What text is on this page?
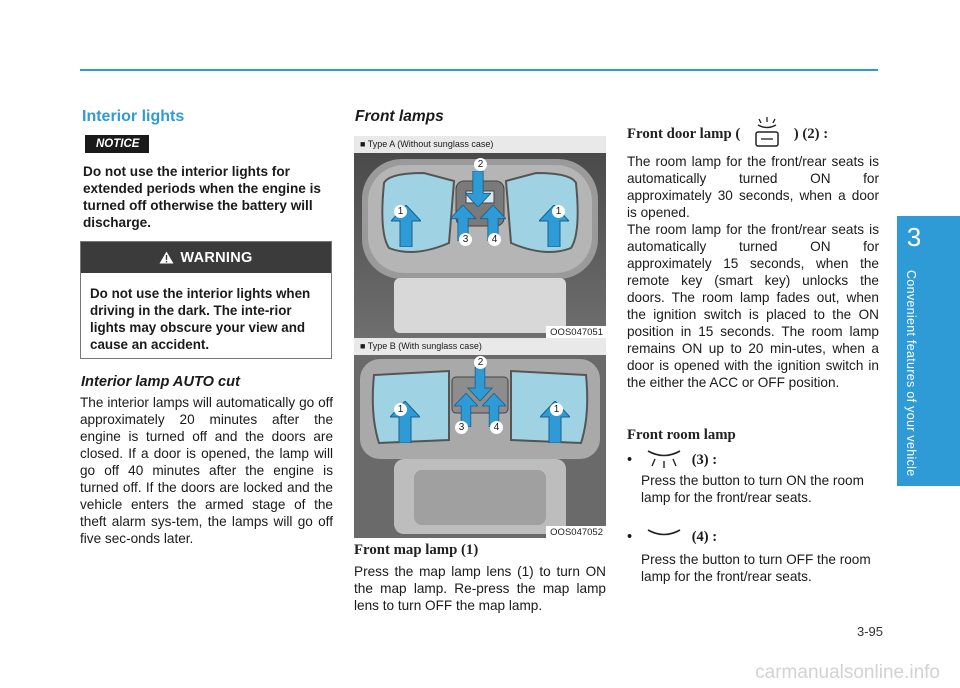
3
Convenient features of your vehicle
Interior lights
NOTICE
Do not use the interior lights for extended periods when the engine is turned off otherwise the battery will discharge.
WARNING
Do not use the interior lights when driving in the dark. The inte-rior lights may obscure your view and cause an accident.
Interior lamp AUTO cut
The interior lamps will automatically go off approximately 20 minutes after the engine is turned off and the doors are closed. If a door is opened, the lamp will go off 40 minutes after the engine is turned off. If the doors are locked and the vehicle enters the armed stage of the theft alarm sys-tem, the lamps will go off five sec-onds later.
Front lamps
■ Type A (Without sunglass case)
1	1
2
3	4
OOS047051
■ Type B (With sunglass case)
1	1
2
3	4
OOS047052
Front map lamp (1)
Press the map lamp lens (1) to turn ON the map lamp. Re-press the map lamp lens to turn OFF the map lamp.
Front door lamp (	) (2) :
The room lamp for the front/rear seats is automatically turned ON for approximately 30 seconds, when a door is opened.
The room lamp for the front/rear seats is automatically turned ON for approximately 15 seconds, when the remote key (smart key) unlocks the doors. The room lamp fades out, when the ignition switch is placed to the ON position in 15 seconds. The room lamp remains ON up to 20 min-utes, when a door is opened with the ignition switch in the either the ACC or OFF position.
Front room lamp
•	(3) :
Press the button to turn ON the room lamp for the front/rear seats.
•	(4) :
Press the button to turn OFF the room lamp for the front/rear seats.
3-95
carmanualsonline.info
